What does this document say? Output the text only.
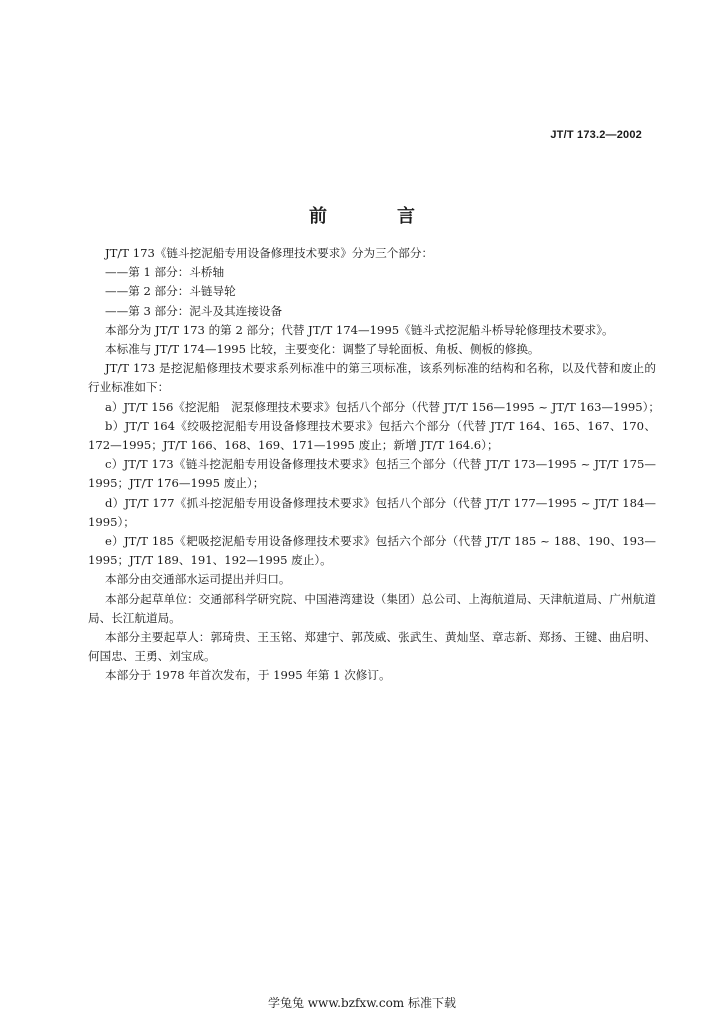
JT/T 173.2—2002
前　言

JT/T 173《链斗挖泥船专用设备修理技术要求》分为三个部分：

——第 1 部分：斗桥轴

——第 2 部分：斗链导轮

——第 3 部分：泥斗及其连接设备

本部分为 JT/T 173 的第 2 部分；代替 JT/T 174—1995《链斗式挖泥船斗桥导轮修理技术要求》。

本标准与 JT/T 174—1995 比较，主要变化：调整了导轮面板、角板、侧板的修换。

JT/T 173 是挖泥船修理技术要求系列标准中的第三项标准，该系列标准的结构和名称，以及代替和废止的行业标准如下：

a）JT/T 156《挖泥船　泥泵修理技术要求》包括八个部分（代替 JT/T 156—1995 ~ JT/T 163—1995）；

b）JT/T 164《绞吸挖泥船专用设备修理技术要求》包括六个部分（代替 JT/T 164、165、167、170、172—1995；JT/T 166、168、169、171—1995 废止；新增 JT/T 164.6）；

c）JT/T 173《链斗挖泥船专用设备修理技术要求》包括三个部分（代替 JT/T 173—1995 ~ JT/T 175—1995；JT/T 176—1995 废止）；

d）JT/T 177《抓斗挖泥船专用设备修理技术要求》包括八个部分（代替 JT/T 177—1995 ~ JT/T 184—1995）；

e）JT/T 185《耙吸挖泥船专用设备修理技术要求》包括六个部分（代替 JT/T 185 ~ 188、190、193—1995；JT/T 189、191、192—1995 废止）。

本部分由交通部水运司提出并归口。

本部分起草单位：交通部科学研究院、中国港湾建设（集团）总公司、上海航道局、天津航道局、广州航道局、长江航道局。

本部分主要起草人：郭琦贵、王玉铭、郑建宁、郭茂威、张武生、黄灿坚、章志新、郑扬、王键、曲启明、何国忠、王勇、刘宝成。

本部分于 1978 年首次发布，于 1995 年第 1 次修订。

学兔兔 www.bzfxw.com 标准下载
